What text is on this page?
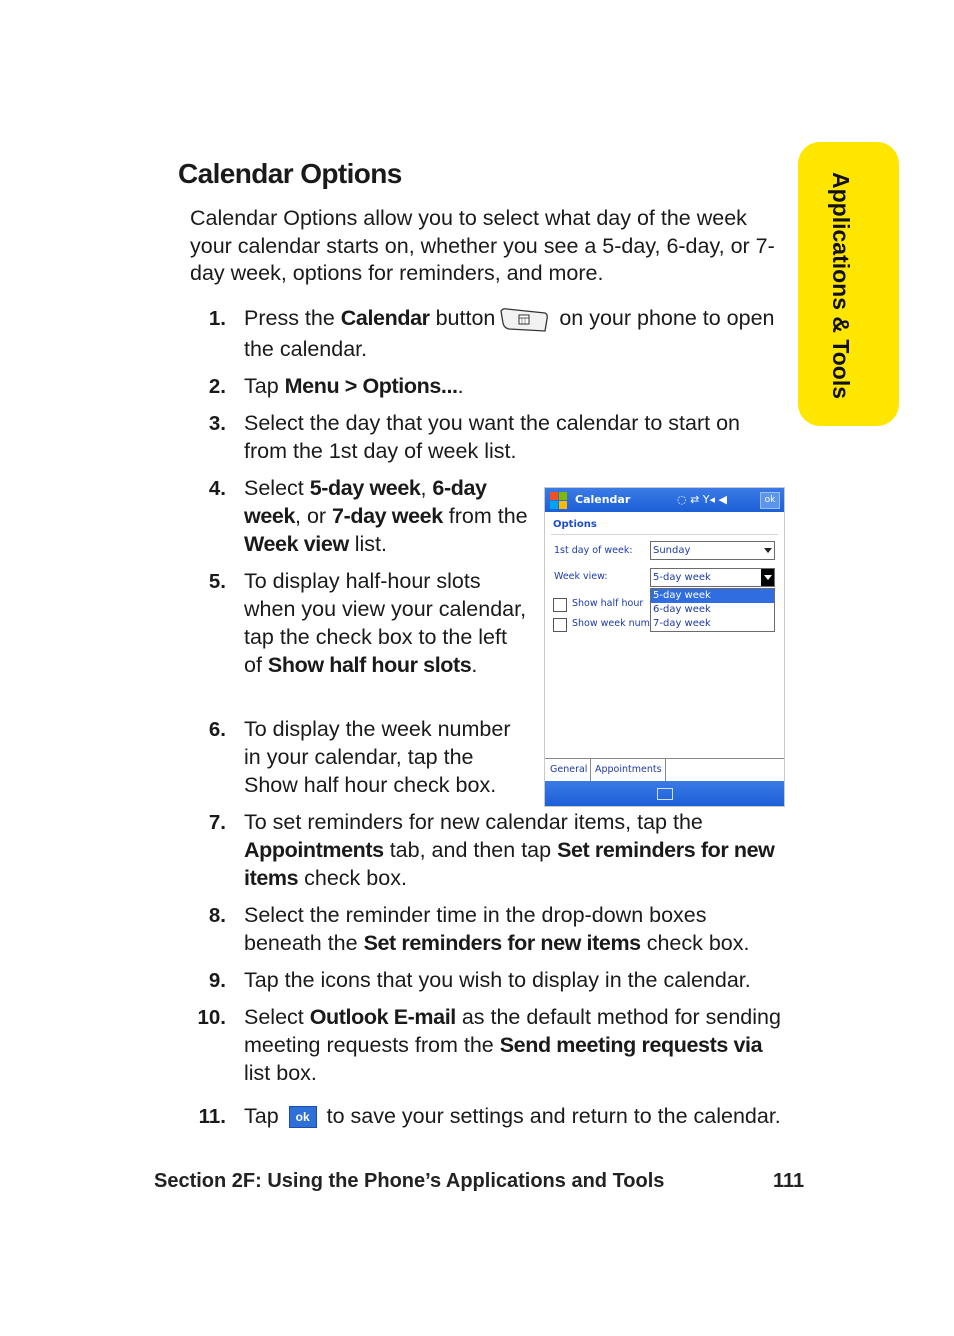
Calendar Options
Calendar Options allow you to select what day of the week your calendar starts on, whether you see a 5-day, 6-day, or 7-day week, options for reminders, and more.
1. Press the Calendar button	on your phone to open the calendar.
2. Tap Menu > Options....
3. Select the day that you want the calendar to start on from the 1st day of week list.
4. Select 5-day week, 6-day week, or 7-day week from the Week view list.
5. To display half-hour slots when you view your calendar, tap the check box to the left of Show half hour slots.
6. To display the week number in your calendar, tap the Show half hour check box.
7. To set reminders for new calendar items, tap the Appointments tab, and then tap Set reminders for new items check box.
8. Select the reminder time in the drop-down boxes beneath the Set reminders for new items check box.
9. Tap the icons that you wish to display in the calendar.
10. Select Outlook E-mail as the default method for sending meeting requests from the Send meeting requests via list box.
11. Tap ok to save your settings and return to the calendar.
Applications & Tools
Calendar	◌ ⇄ Y◂ ◀	ok
Options
1st day of week:	Sunday
Week view:	5-day week
Show half hour
Show week num
5-day week
6-day week
7-day week
General Appointments
Section 2F: Using the Phone’s Applications and Tools	111
